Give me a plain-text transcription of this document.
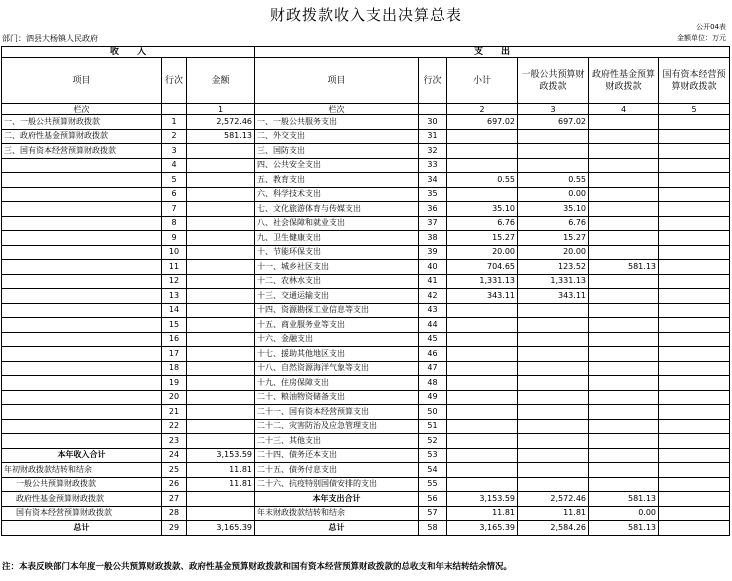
财政拨款收入支出决算总表
公开04表
部门：泗县大杨镇人民政府	金额单位：万元
收　　入			支　　出					
项目	行次	金额	项目	行次	小计	一般公共预算财政拨款	政府性基金预算财政拨款	国有资本经营预算财政拨款
栏次		1	栏次		2	3	4	5
一、一般公共预算财政拨款	1	2,572.46	一、一般公共服务支出	30	697.02	697.02		
二、政府性基金预算财政拨款	2	581.13	二、外交支出	31				
三、国有资本经营预算财政拨款	3		三、国防支出	32				
	4		四、公共安全支出	33				
	5		五、教育支出	34	0.55	0.55		
	6		六、科学技术支出	35		0.00		
	7		七、文化旅游体育与传媒支出	36	35.10	35.10		
	8		八、社会保障和就业支出	37	6.76	6.76		
	9		九、卫生健康支出	38	15.27	15.27		
	10		十、节能环保支出	39	20.00	20.00		
	11		十一、城乡社区支出	40	704.65	123.52	581.13	
	12		十二、农林水支出	41	1,331.13	1,331.13		
	13		十三、交通运输支出	42	343.11	343.11		
	14		十四、资源勘探工业信息等支出	43				
	15		十五、商业服务业等支出	44				
	16		十六、金融支出	45				
	17		十七、援助其他地区支出	46				
	18		十八、自然资源海洋气象等支出	47				
	19		十九、住房保障支出	48				
	20		二十、粮油物资储备支出	49				
	21		二十一、国有资本经营预算支出	50				
	22		二十二、灾害防治及应急管理支出	51				
	23		二十三、其他支出	52				
本年收入合计	24	3,153.59	二十四、债务还本支出	53				
年初财政拨款结转和结余	25	11.81	二十五、债务付息支出	54				
一般公共预算财政拨款	26	11.81	二十六、抗疫特别国债安排的支出	55				
政府性基金预算财政拨款	27		本年支出合计	56	3,153.59	2,572.46	581.13	
国有资本经营预算财政拨款	28		年末财政拨款结转和结余	57	11.81	11.81	0.00	
总计	29	3,165.39	总计	58	3,165.39	2,584.26	581.13	
注：本表反映部门本年度一般公共预算财政拨款、政府性基金预算财政拨款和国有资本经营预算财政拨款的总收支和年末结转结余情况。
